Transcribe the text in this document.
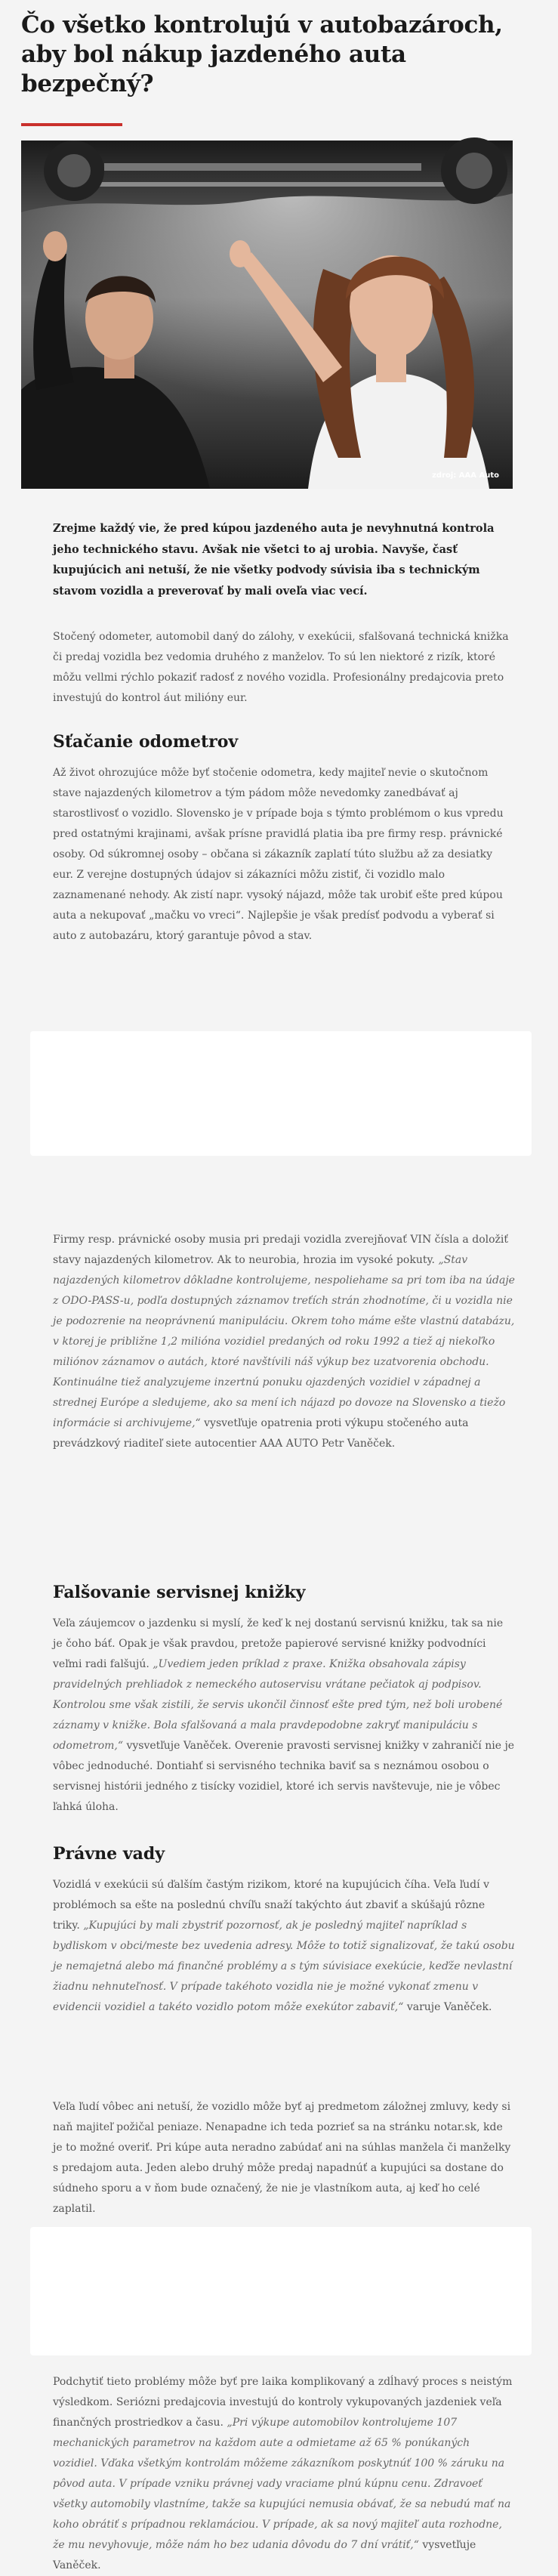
Čo všetko kontrolujú v autobazároch, aby bol nákup jazdeného auta bezpečný?
zdroj: AAA Auto

Zrejme každý vie, že pred kúpou jazdeného auta je nevyhnutná kontrola jeho technického stavu. Avšak nie všetci to aj urobia. Navyše, časť kupujúcich ani netuší, že nie všetky podvody súvisia iba s technickým stavom vozidla a preverovať by mali oveľa viac vecí.

Stočený odometer, automobil daný do zálohy, v exekúcii, sfalšovaná technická knižka či predaj vozidla bez vedomia druhého z manželov. To sú len niektoré z rizík, ktoré môžu vellmi rýchlo pokaziť radosť z nového vozidla. Profesionálny predajcovia preto investujú do kontrol áut milióny eur.

Sťačanie odometrov

Až život ohrozujúce môže byť stočenie odometra, kedy majiteľ nevie o skutočnom stave najazdených kilometrov a tým pádom môže nevedomky zanedbávať aj starostlivosť o vozidlo. Slovensko je v prípade boja s týmto problémom o kus vpredu pred ostatnými krajinami, avšak prísne pravidlá platia iba pre firmy resp. právnické osoby. Od súkromnej osoby – občana si zákazník zaplatí túto službu až za desiatky eur. Z verejne dostupných údajov si zákazníci môžu zistiť, či vozidlo malo zaznamenané nehody. Ak zistí napr. vysoký nájazd, môže tak urobiť ešte pred kúpou auta a nekupovať „mačku vo vreci“. Najlepšie je však predísť podvodu a vyberať si auto z autobazáru, ktorý garantuje pôvod a stav.

Firmy resp. právnické osoby musia pri predaji vozidla zverejňovať VIN čísla a doložiť stavy najazdených kilometrov. Ak to neurobia, hrozia im vysoké pokuty. „Stav najazdených kilometrov dôkladne kontrolujeme, nespoliehame sa pri tom iba na údaje z ODO-PASS-u, podľa dostupných záznamov treťích strán zhodnotíme, či u vozidla nie je podozrenie na neoprávnenú manipuláciu. Okrem toho máme ešte vlastnú databázu, v ktorej je približne 1,2 milióna vozidiel predaných od roku 1992 a tiež aj niekoľko miliónov záznamov o autách, ktoré navštívili náš výkup bez uzatvorenia obchodu. Kontinuálne tiež analyzujeme inzertnú ponuku ojazdených vozidiel v západnej a strednej Európe a sledujeme, ako sa mení ich nájazd po dovoze na Slovensko a tiežo informácie si archivujeme,“ vysvetľuje opatrenia proti výkupu stočeného auta prevádzkový riaditeľ siete autocentier AAA AUTO Petr Vaněček.

Falšovanie servisnej knižky

Veľa záujemcov o jazdenku si myslí, že keď k nej dostanú servisnú knižku, tak sa nie je čoho báť. Opak je však pravdou, pretože papierové servisné knižky podvodníci veľmi radi falšujú. „Uvediem jeden príklad z praxe. Knižka obsahovala zápisy pravidelných prehliadok z nemeckého autoservisu vrátane pečiatok aj podpisov. Kontrolou sme však zistili, že servis ukončil činnosť ešte pred tým, než boli urobené záznamy v knižke. Bola sfalšovaná a mala pravdepodobne zakryť manipuláciu s odometrom,“ vysvetľuje Vaněček. Overenie pravosti servisnej knižky v zahraničí nie je vôbec jednoduché. Dontiahť si servisného technika baviť sa s neznámou osobou o servisnej histórii jedného z tisícky vozidiel, ktoré ich servis navštevuje, nie je vôbec ľahká úloha.

Právne vady

Vozidlá v exekúcii sú ďalším častým rizikom, ktoré na kupujúcich číha. Veľa ľudí v problémoch sa ešte na poslednú chvíľu snaží takýchto áut zbaviť a skúšajú rôzne triky. „Kupujúci by mali zbystriť pozornosť, ak je posledný majiteľ napríklad s bydliskom v obci/meste bez uvedenia adresy. Môže to totiž signalizovať, že takú osobu je nemajetná alebo má finančné problémy a s tým súvisiace exekúcie, keďže nevlastní žiadnu nehnuteľnosť. V prípade takéhoto vozidla nie je možné vykonať zmenu v evidencii vozidiel a takéto vozidlo potom môže exekútor zabaviť,“ varuje Vaněček.

Veľa ľudí vôbec ani netuší, že vozidlo môže byť aj predmetom záložnej zmluvy, kedy si naň majiteľ požičal peniaze. Nenapadne ich teda pozrieť sa na stránku notar.sk, kde je to možné overiť. Pri kúpe auta neradno zabúdať ani na súhlas manžela či manželky s predajom auta. Jeden alebo druhý môže predaj napadnúť a kupujúci sa dostane do súdneho sporu a v ňom bude označený, že nie je vlastníkom auta, aj keď ho celé zaplatil.

Podchytiť tieto problémy môže byť pre laika komplikovaný a zdĺhavý proces s neistým výsledkom. Seriózni predajcovia investujú do kontroly vykupovaných jazdeniek veľa finančných prostriedkov a času. „Pri výkupe automobilov kontrolujeme 107 mechanických parametrov na každom aute a odmietame až 65 % ponúkaných vozidiel. Vďaka všetkým kontrolám môžeme zákazníkom poskytnúť 100 % záruku na pôvod auta. V prípade vzniku právnej vady vraciame plnú kúpnu cenu. Zdravoeť všetky automobily vlastníme, takže sa kupujúci nemusia obávať, že sa nebudú mať na koho obrátiť s prípadnou reklamáciou. V prípade, ak sa nový majiteľ auta rozhodne, že mu nevyhovuje, môže nám ho bez udania dôvodu do 7 dní vrátiť,“ vysvetľuje Vaněček.
